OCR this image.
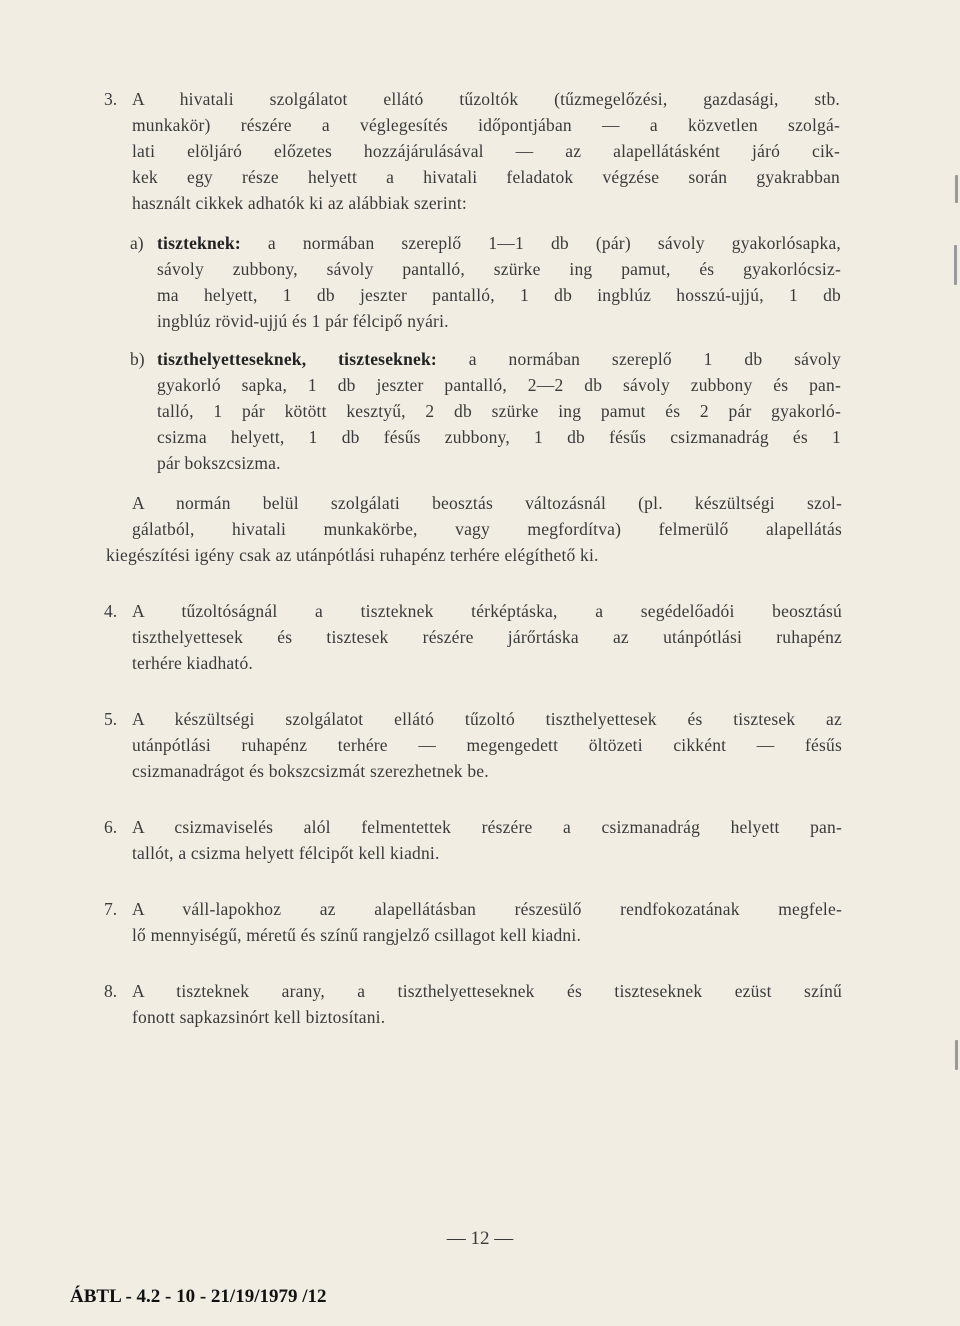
3. A hivatali szolgálatot ellátó tűzoltók (tűzmegelőzési, gazdasági, stb.
munkakör) részére a véglegesítés időpontjában — a közvetlen szolgá-
lati elöljáró előzetes hozzájárulásával — az alapellátásként járó cik-
kek egy része helyett a hivatali feladatok végzése során gyakrabban
használt cikkek adhatók ki az alábbiak szerint:
a) tiszteknek: a normában szereplő 1—1 db (pár) sávoly gyakorlósapka,
sávoly zubbony, sávoly pantalló, szürke ing pamut, és gyakorlócsiz-
ma helyett, 1 db jeszter pantalló, 1 db ingblúz hosszú-ujjú, 1 db
ingblúz rövid-ujjú és 1 pár félcipő nyári.
b) tiszthelyetteseknek, tiszteseknek: a normában szereplő 1 db sávoly
gyakorló sapka, 1 db jeszter pantalló, 2—2 db sávoly zubbony és pan-
talló, 1 pár kötött kesztyű, 2 db szürke ing pamut és 2 pár gyakorló-
csizma helyett, 1 db fésűs zubbony, 1 db fésűs csizmanadrág és 1
pár bokszcsizma.
A normán belül szolgálati beosztás változásnál (pl. készültségi szol-
gálatból, hivatali munkakörbe, vagy megfordítva) felmerülő alapellátás
kiegészítési igény csak az utánpótlási ruhapénz terhére elégíthető ki.
4. A tűzoltóságnál a tiszteknek térképtáska, a segédelőadói beosztású
tiszthelyettesek és tisztesek részére járőrtáska az utánpótlási ruhapénz
terhére kiadható.
5. A készültségi szolgálatot ellátó tűzoltó tiszthelyettesek és tisztesek az
utánpótlási ruhapénz terhére — megengedett öltözeti cikként — fésűs
csizmanadrágot és bokszcsizmát szerezhetnek be.
6. A csizmaviselés alól felmentettek részére a csizmanadrág helyett pan-
tallót, a csizma helyett félcipőt kell kiadni.
7. A váll-lapokhoz az alapellátásban részesülő rendfokozatának megfele-
lő mennyiségű, méretű és színű rangjelző csillagot kell kiadni.
8. A tiszteknek arany, a tiszthelyetteseknek és tiszteseknek ezüst színű
fonott sapkazsinórt kell biztosítani.
— 12 —
ÁBTL - 4.2 - 10 - 21/19/1979 /12
